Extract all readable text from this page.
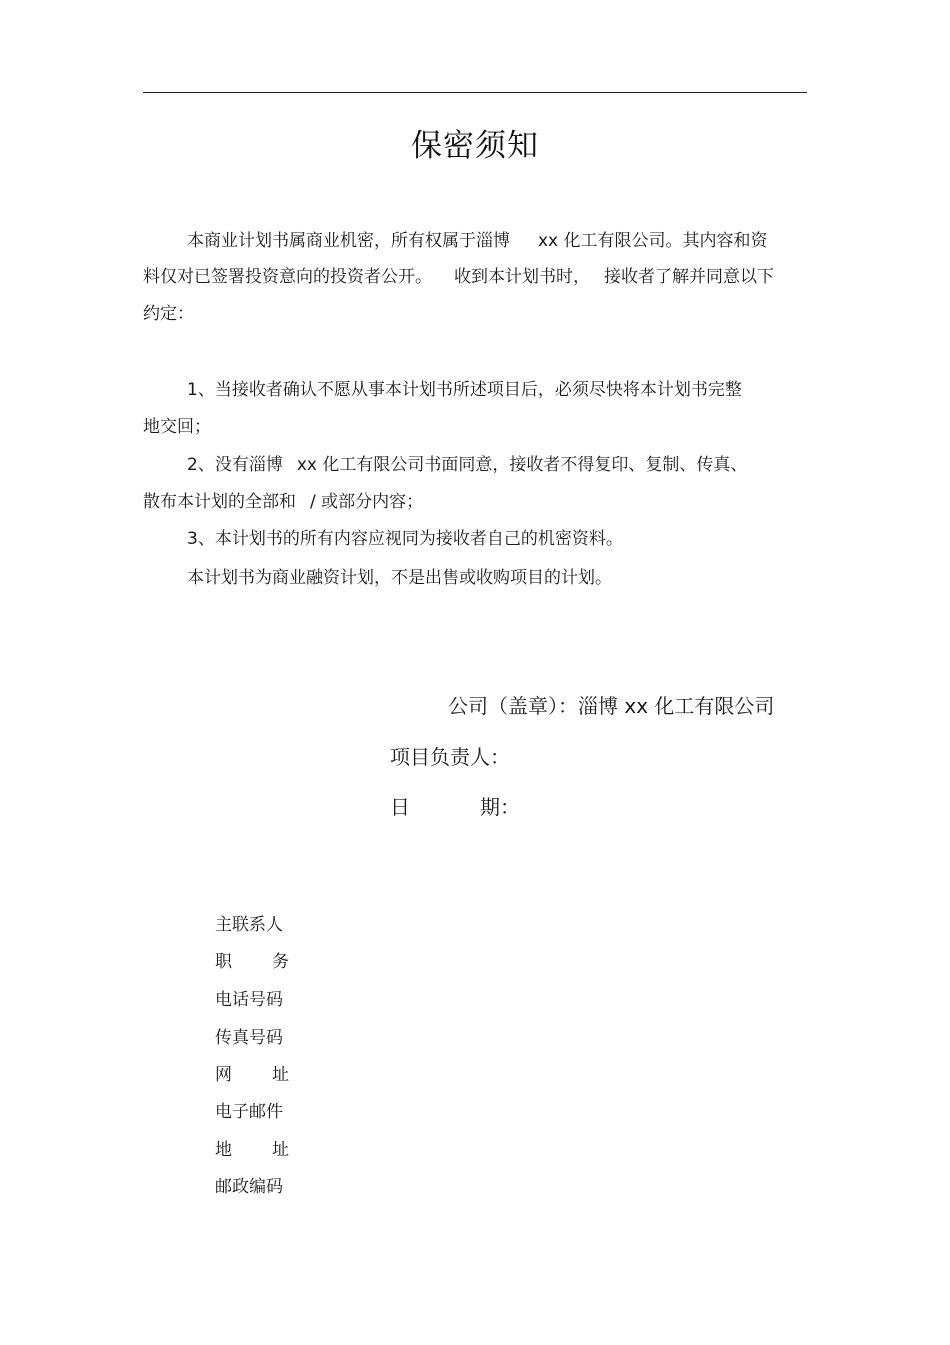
保密须知
本商业计划书属商业机密，所有权属于淄博 xx 化工有限公司。其内容和资
料仅对已签署投资意向的投资者公开。 收到本计划书时， 接收者了解并同意以下
约定：
1、当接收者确认不愿从事本计划书所述项目后，必须尽快将本计划书完整
地交回；
2、没有淄博 xx 化工有限公司书面同意，接收者不得复印、复制、传真、
散布本计划的全部和 / 或部分内容；
3、本计划书的所有内容应视同为接收者自己的机密资料。
本计划书为商业融资计划，不是出售或收购项目的计划。
公司（盖章）：淄博 xx 化工有限公司
项目负责人：
日	期：
主联系人
职 务
电话号码
传真号码
网 址
电子邮件
地 址
邮政编码
